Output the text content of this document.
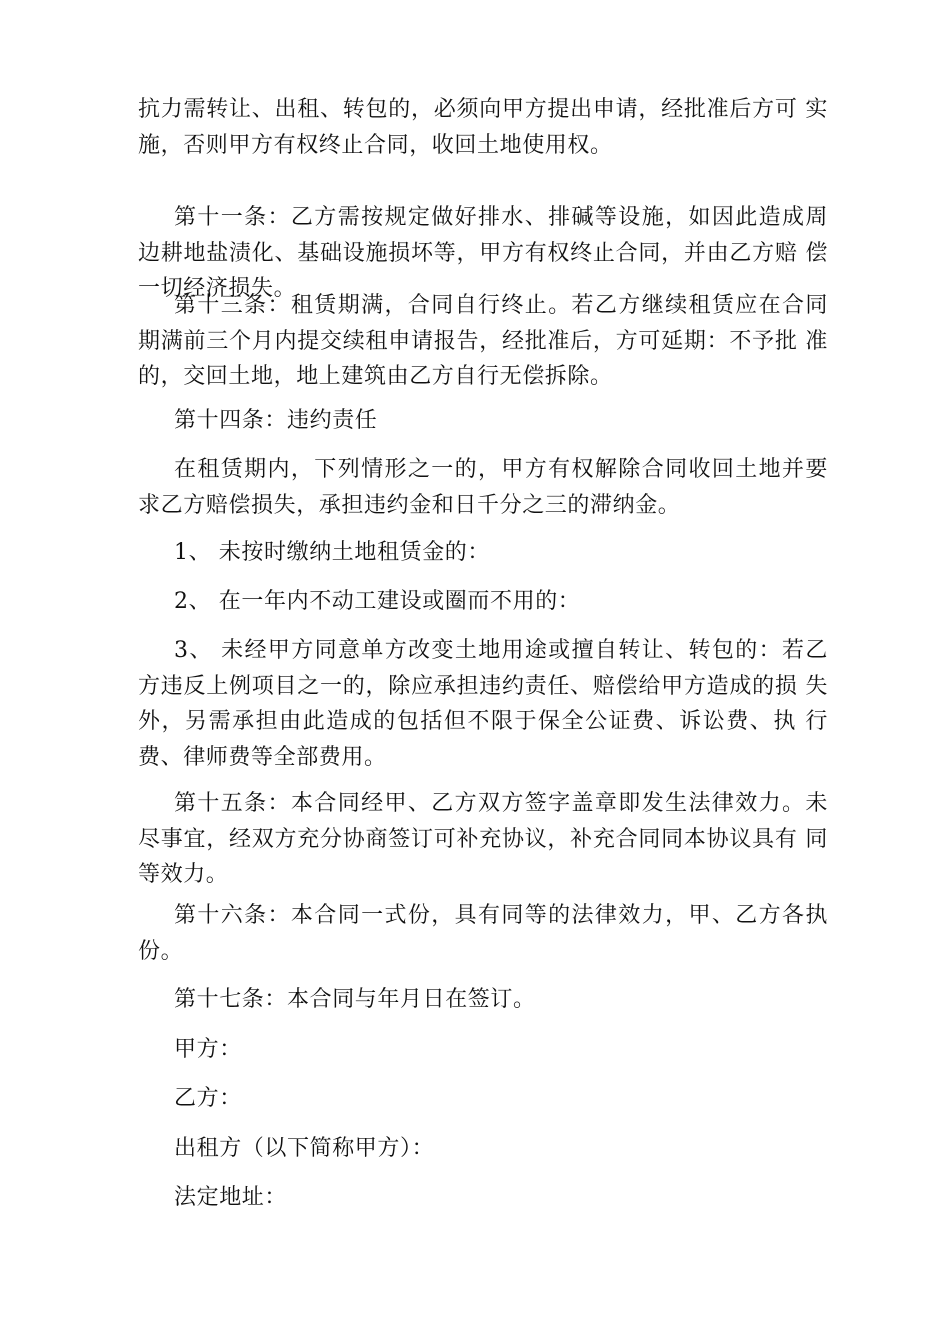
抗力需转让、出租、转包的，必须向甲方提出申请，经批准后方可 实施，否则甲方有权终止合同，收回土地使用权。

第十一条：乙方需按规定做好排水、排碱等设施，如因此造成周边耕地盐渍化、基础设施损坏等，甲方有权终止合同，并由乙方赔 偿一切经济损失。

第十三条：租赁期满，合同自行终止。若乙方继续租赁应在合同期满前三个月内提交续租申请报告，经批准后，方可延期：不予批 准的，交回土地，地上建筑由乙方自行无偿拆除。

第十四条：违约责任

在租赁期内，下列情形之一的，甲方有权解除合同收回土地并要求乙方赔偿损失，承担违约金和日千分之三的滞纳金。

1、 未按时缴纳土地租赁金的：

2、 在一年内不动工建设或圈而不用的：

3、 未经甲方同意单方改变土地用途或擅自转让、转包的：若乙方违反上例项目之一的，除应承担违约责任、赔偿给甲方造成的损 失外，另需承担由此造成的包括但不限于保全公证费、诉讼费、执 行费、律师费等全部费用。

第十五条：本合同经甲、乙方双方签字盖章即发生法律效力。未尽事宜，经双方充分协商签订可补充协议，补充合同同本协议具有 同等效力。

第十六条：本合同一式份，具有同等的法律效力，甲、乙方各执份。

第十七条：本合同与年月日在签订。

甲方：

乙方：

出租方（以下简称甲方）：

法定地址：
